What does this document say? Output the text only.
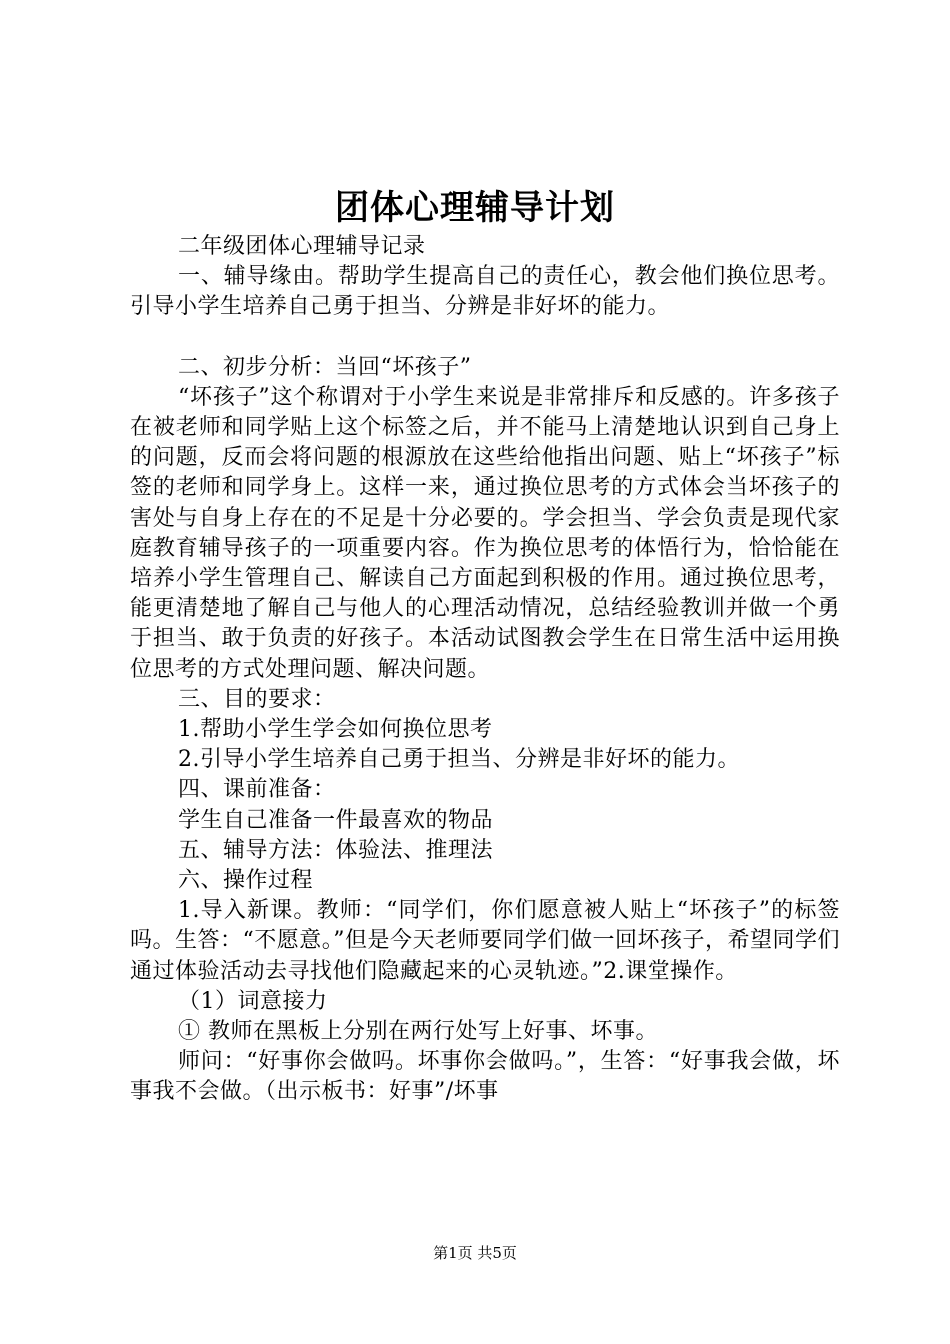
团体心理辅导计划

二年级团体心理辅导记录

一、辅导缘由。帮助学生提高自己的责任心，教会他们换位思考。引导小学生培养自己勇于担当、分辨是非好坏的能力。

二、初步分析：当回“坏孩子”

“坏孩子”这个称谓对于小学生来说是非常排斥和反感的。许多孩子在被老师和同学贴上这个标签之后，并不能马上清楚地认识到自己身上的问题，反而会将问题的根源放在这些给他指出问题、贴上“坏孩子”标签的老师和同学身上。这样一来，通过换位思考的方式体会当坏孩子的害处与自身上存在的不足是十分必要的。学会担当、学会负责是现代家庭教育辅导孩子的一项重要内容。作为换位思考的体悟行为，恰恰能在培养小学生管理自己、解读自己方面起到积极的作用。通过换位思考，能更清楚地了解自己与他人的心理活动情况，总结经验教训并做一个勇于担当、敢于负责的好孩子。本活动试图教会学生在日常生活中运用换位思考的方式处理问题、解决问题。

三、目的要求：

1.帮助小学生学会如何换位思考

2.引导小学生培养自己勇于担当、分辨是非好坏的能力。

四、课前准备：

学生自己准备一件最喜欢的物品

五、辅导方法：体验法、推理法

六、操作过程

1.导入新课。教师：“同学们，你们愿意被人贴上“坏孩子”的标签吗。生答：“不愿意。”但是今天老师要同学们做一回坏孩子，希望同学们通过体验活动去寻找他们隐藏起来的心灵轨迹。”2.课堂操作。

（1）词意接力

① 教师在黑板上分别在两行处写上好事、坏事。

师问：“好事你会做吗。坏事你会做吗。”，生答：“好事我会做，坏事我不会做。（出示板书：好事”/坏事

第1页 共5页
